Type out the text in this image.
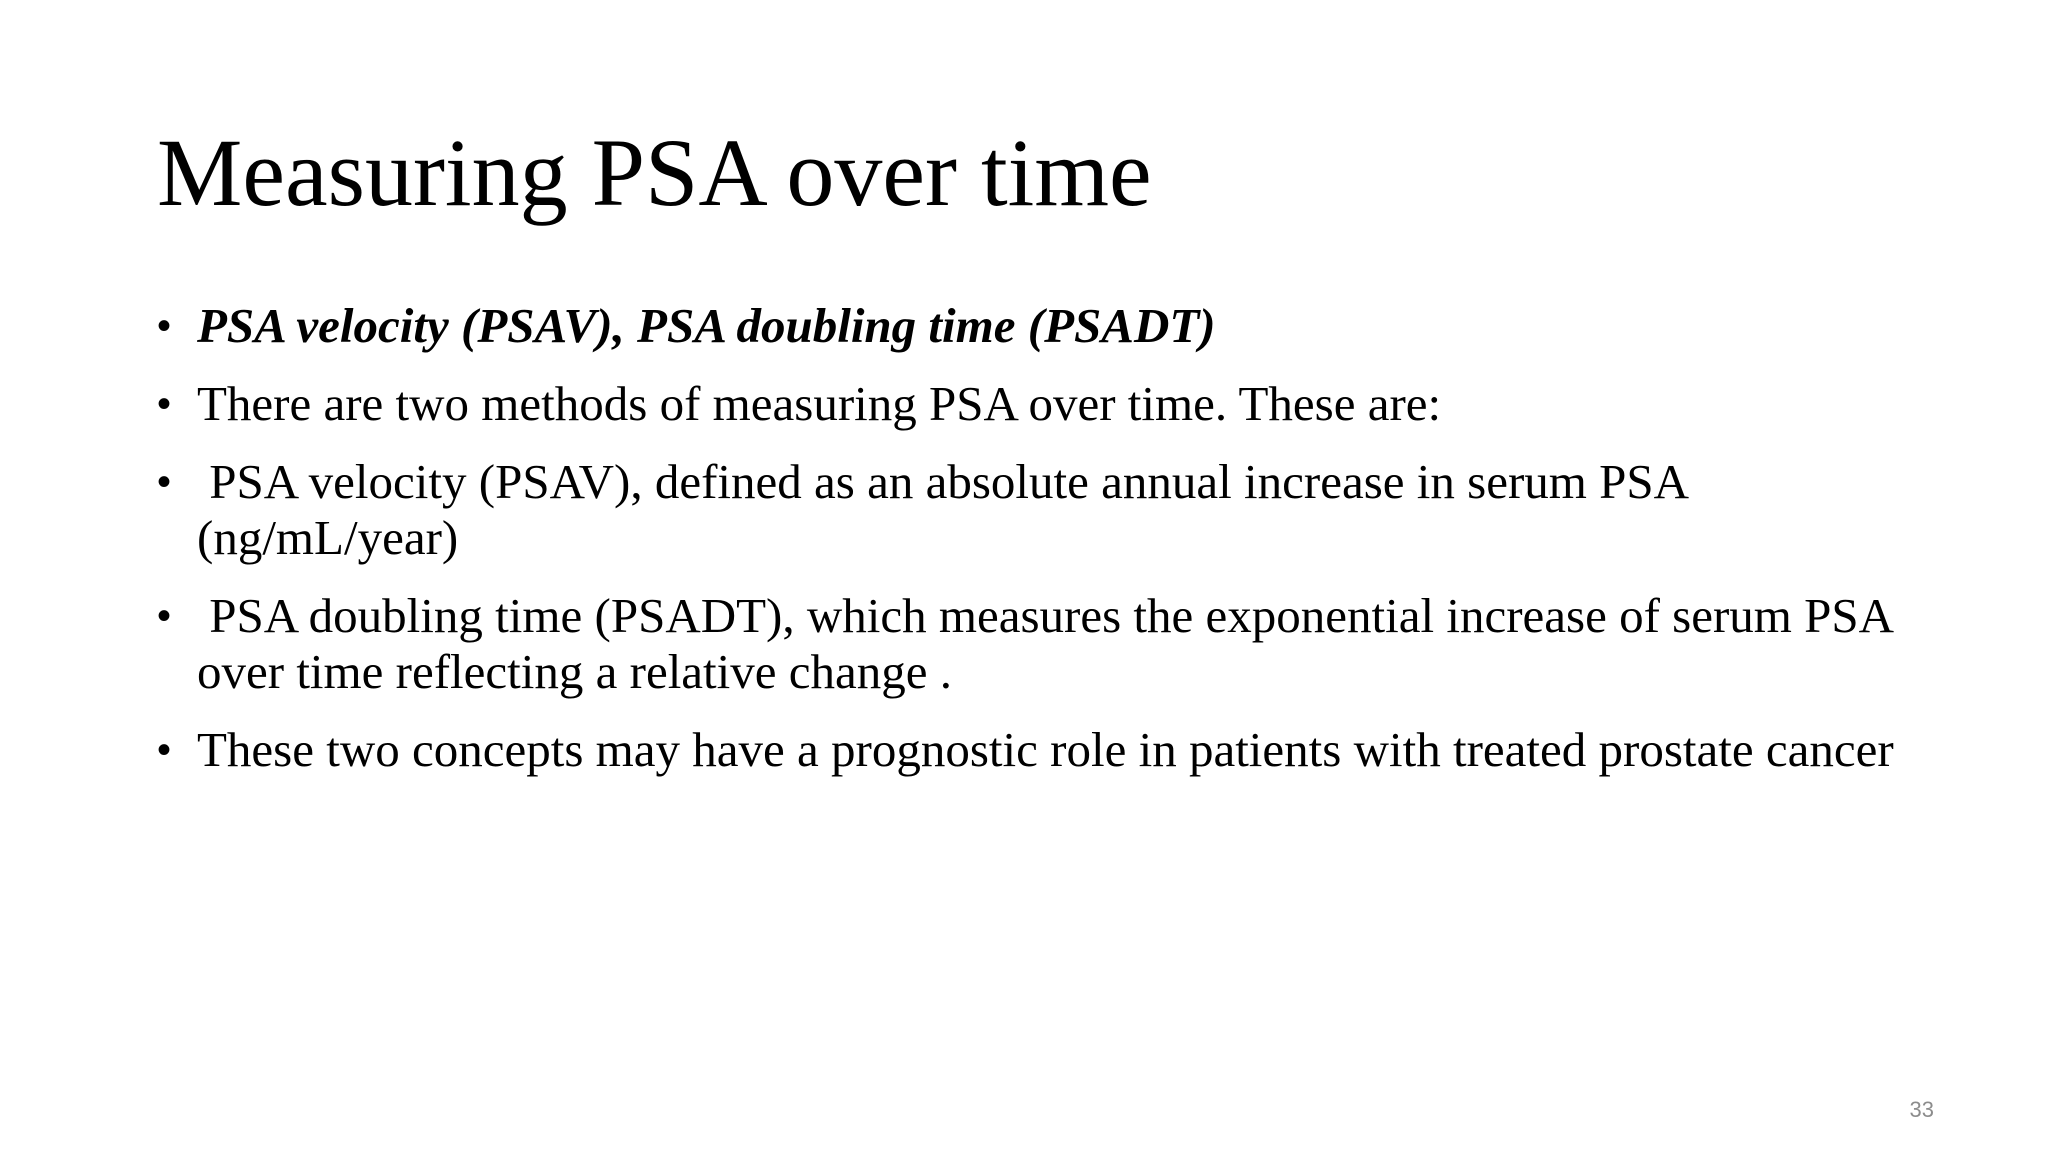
Measuring PSA over time
• PSA velocity (PSAV), PSA doubling time (PSADT)
• There are two methods of measuring PSA over time. These are:
• PSA velocity (PSAV), defined as an absolute annual increase in serum PSA (ng/mL/year)
• PSA doubling time (PSADT), which measures the exponential increase of serum PSA over time reflecting a relative change .
• These two concepts may have a prognostic role in patients with treated prostate cancer
33
